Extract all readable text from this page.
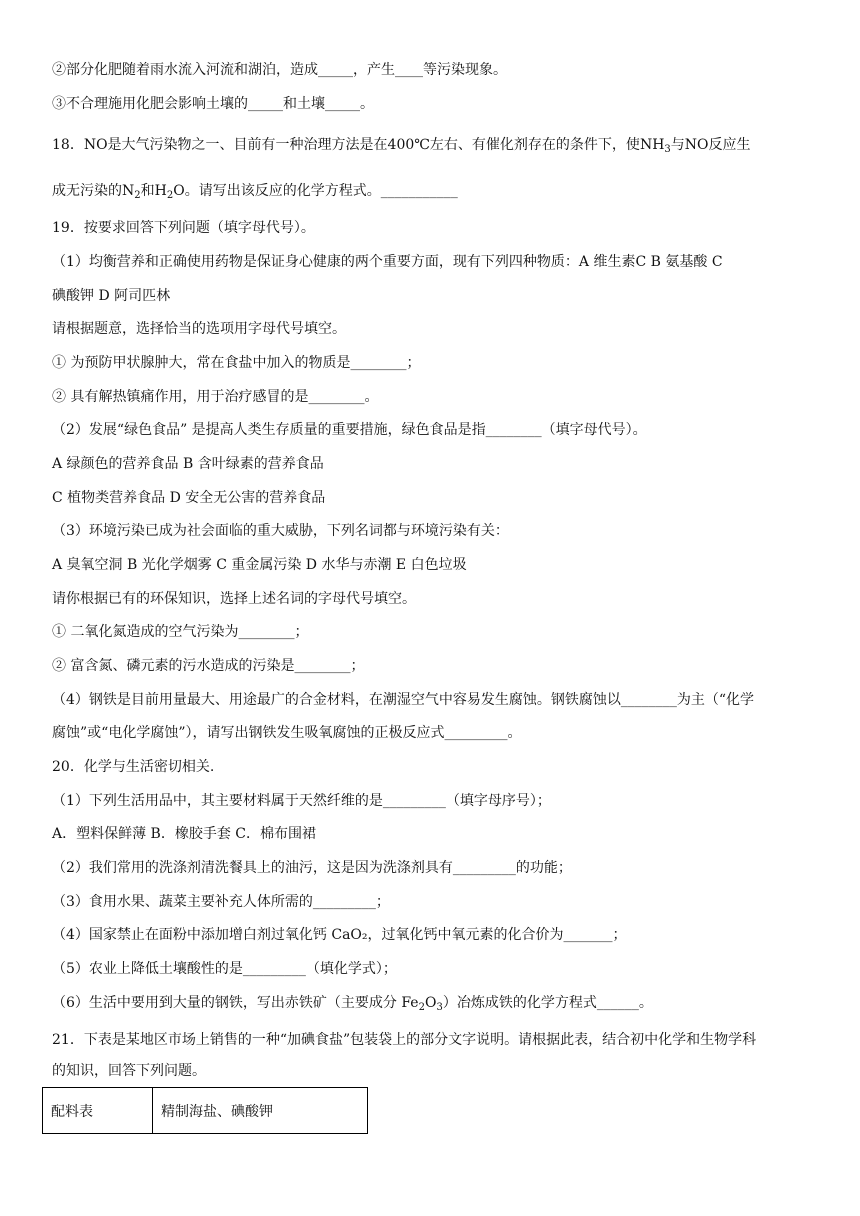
②部分化肥随着雨水流入河流和湖泊，造成_____，产生____等污染现象。
③不合理施用化肥会影响土壤的_____和土壤_____。
18．NO是大气污染物之一、目前有一种治理方法是在400℃左右、有催化剂存在的条件下，使$NH_3$与NO反应生
成无污染的$N_2$和$H_2O$。请写出该反应的化学方程式。___________
19．按要求回答下列问题（填字母代号）。
（1）均衡营养和正确使用药物是保证身心健康的两个重要方面，现有下列四种物质：A 维生素C B 氨基酸 C
碘酸钾 D 阿司匹林
请根据题意，选择恰当的选项用字母代号填空。
① 为预防甲状腺肿大，常在食盐中加入的物质是________；
② 具有解热镇痛作用，用于治疗感冒的是________。
（2）发展“绿色食品” 是提高人类生存质量的重要措施，绿色食品是指________（填字母代号）。
A 绿颜色的营养食品 B 含叶绿素的营养食品
C 植物类营养食品 D 安全无公害的营养食品
（3）环境污染已成为社会面临的重大威胁，下列名词都与环境污染有关：
A 臭氧空洞 B 光化学烟雾 C 重金属污染 D 水华与赤潮 E 白色垃圾
请你根据已有的环保知识，选择上述名词的字母代号填空。
① 二氧化氮造成的空气污染为________；
② 富含氮、磷元素的污水造成的污染是________；
（4）钢铁是目前用量最大、用途最广的合金材料，在潮湿空气中容易发生腐蚀。钢铁腐蚀以________为主（“化学
腐蚀”或“电化学腐蚀”），请写出钢铁发生吸氧腐蚀的正极反应式_________。
20．化学与生活密切相关.
（1）下列生活用品中，其主要材料属于天然纤维的是_________（填字母序号）；
A．塑料保鲜薄 B．橡胶手套 C．棉布围裙
（2）我们常用的洗涤剂清洗餐具上的油污，这是因为洗涤剂具有_________的功能；
（3）食用水果、蔬菜主要补充人体所需的_________；
（4）国家禁止在面粉中添加增白剂过氧化钙 CaO₂，过氧化钙中氧元素的化合价为_______；
（5）农业上降低土壤酸性的是_________（填化学式）；
（6）生活中要用到大量的钢铁，写出赤铁矿（主要成分 $Fe_2O_3$）冶炼成铁的化学方程式______。
21．下表是某地区市场上销售的一种“加碘食盐”包装袋上的部分文字说明。请根据此表，结合初中化学和生物学科
的知识，回答下列问题。
配料表	精制海盐、碘酸钾
